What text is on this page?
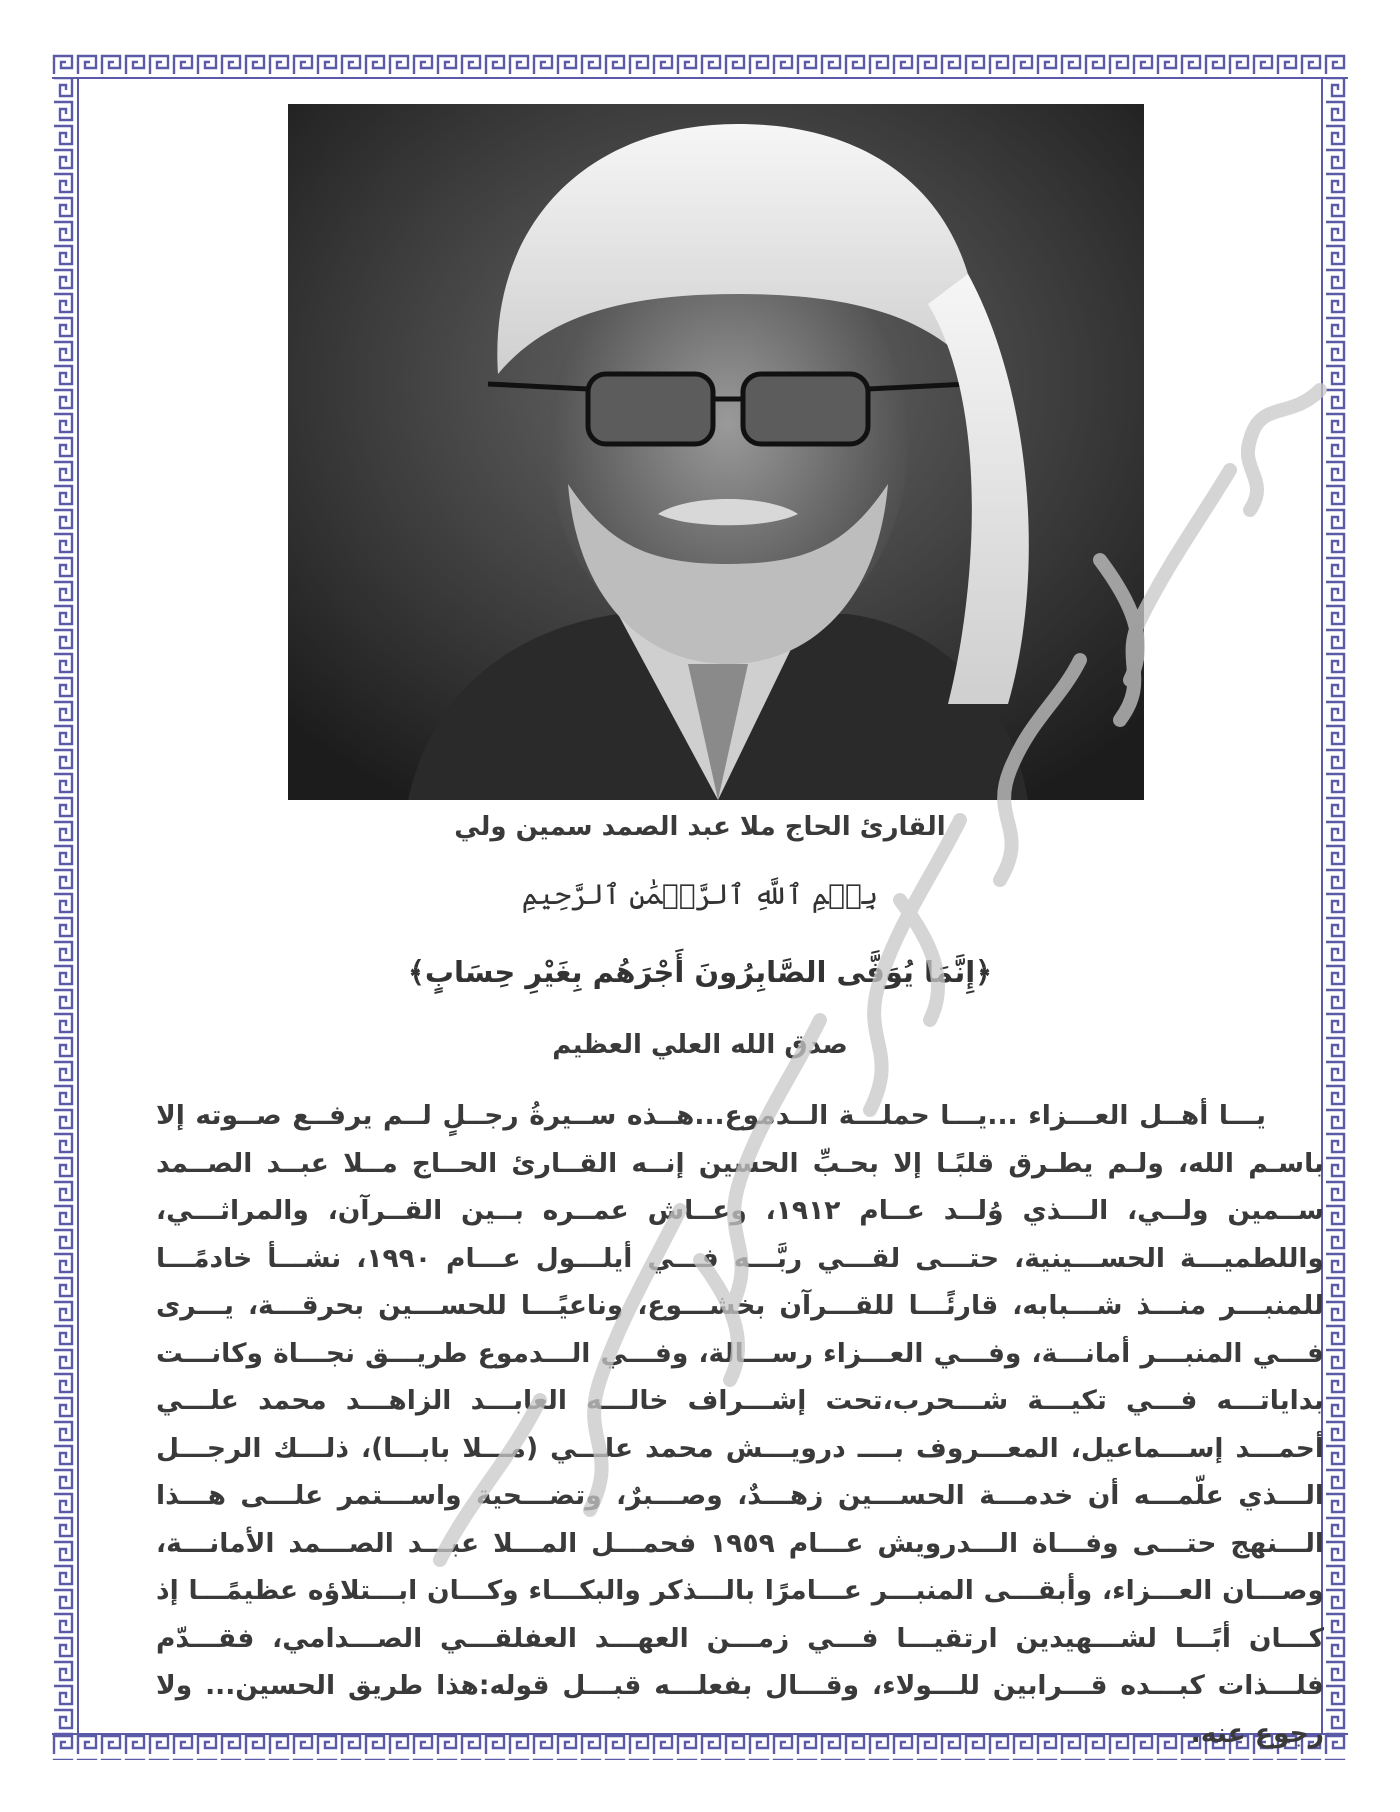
القارئ الحاج ملا عبد الصمد سمين ولي
بِسۡمِ ٱللَّهِ ٱلرَّحۡمَٰنِ ٱلرَّحِيمِ
﴿إِنَّمَا يُوَفَّى الصَّابِرُونَ أَجْرَهُم بِغَيْرِ حِسَابٍ﴾
صدق الله العلي العظيم
يـــا أهــل العـــزاء ...يـــا حملـــة الــدموع...هــذه ســيرةُ رجــلٍ لــم يرفــع صــوته إلا باسـم الله، ولـم يطـرق قلبًـا إلا بحـبِّ الحسين إنــه القــارئ الحــاج مــلا عبــد الصــمد ســمين ولــي، الـــذي وُلــد عــام ١٩١٢، وعــاش عمــره بــين القــرآن، والمراثـــي، واللطميـــة الحســـينية، حتـــى لقـــي ربَّـــه فـــي أيلـــول عـــام ١٩٩٠، نشـــأ خادمًـــا للمنبـــر منـــذ شـــبابه، قارئًـــا للقـــرآن بخشـــوع، وناعيًـــا للحســـين بحرقـــة، يـــرى فـــي المنبـــر أمانـــة، وفـــي العـــزاء رســـالة، وفـــي الـــدموع طريـــق نجـــاة وكانـــت بداياتـــه فـــي تكيـــة شـــحرب،تحت إشـــراف خالـــه العابـــد الزاهـــد محمد علـــي أحمـــد إســـماعيل، المعـــروف بــــ درويـــش محمد علـــي (مـــلا بابـــا)، ذلـــك الرجـــل الـــذي علّمـــه أن خدمـــة الحســـين زهـــدٌ، وصـــبرٌ، وتضـــحية واســـتمر علـــى هـــذا الـــنهج حتـــى وفـــاة الـــدرويش عـــام ١٩٥٩ فحمـــل المـــلا عبـــد الصـــمد الأمانـــة، وصـــان العـــزاء، وأبقـــى المنبـــر عـــامرًا بالـــذكر والبكـــاء وكـــان ابـــتلاؤه عظيمًـــا إذ كـــان أبًـــا لشـــهيدين ارتقيـــا فـــي زمـــن العهـــد العفلقـــي الصـــدامي، فقـــدّم فلـــذات كبـــده قـــرابين للـــولاء، وقـــال بفعلـــه قبـــل قوله:هذا طريق الحسين... ولا رجوع عنه.
